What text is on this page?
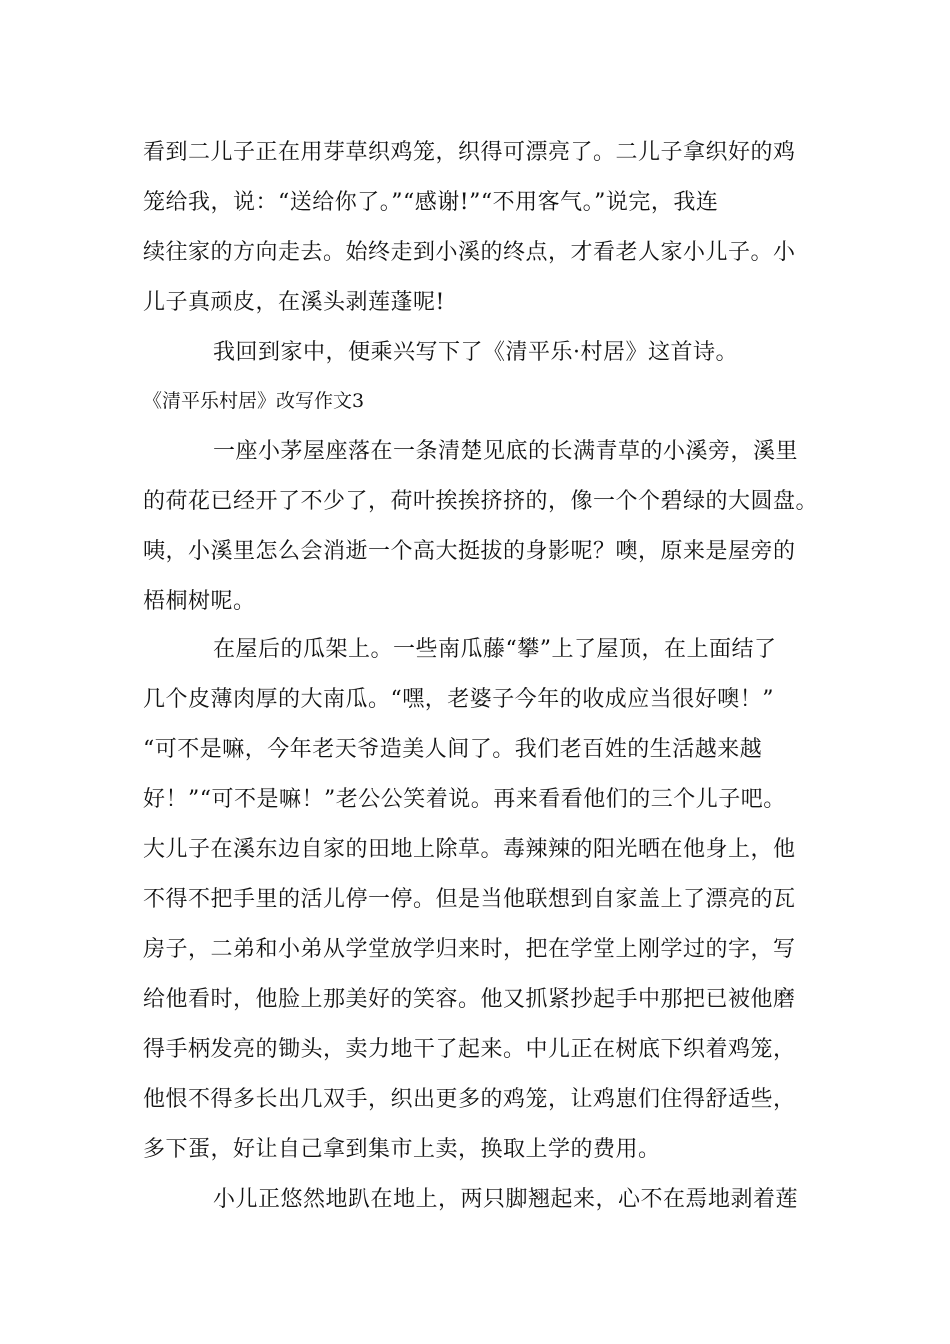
看到二儿子正在用芽草织鸡笼，织得可漂亮了。二儿子拿织好的鸡
笼给我，说：“送给你了。”“感谢!”“不用客气。”说完，我连
续往家的方向走去。始终走到小溪的终点，才看老人家小儿子。小
儿子真顽皮，在溪头剥莲蓬呢!
我回到家中，便乘兴写下了《清平乐·村居》这首诗。
《清平乐村居》改写作文3
一座小茅屋座落在一条清楚见底的长满青草的小溪旁，溪里
的荷花已经开了不少了，荷叶挨挨挤挤的，像一个个碧绿的大圆盘。
咦，小溪里怎么会消逝一个高大挺拔的身影呢？噢，原来是屋旁的
梧桐树呢。
在屋后的瓜架上。一些南瓜藤“攀”上了屋顶，在上面结了
几个皮薄肉厚的大南瓜。“嘿，老婆子今年的收成应当很好噢！”
“可不是嘛，今年老天爷造美人间了。我们老百姓的生活越来越
好！”“可不是嘛！”老公公笑着说。再来看看他们的三个儿子吧。
大儿子在溪东边自家的田地上除草。毒辣辣的阳光晒在他身上，他
不得不把手里的活儿停一停。但是当他联想到自家盖上了漂亮的瓦
房子，二弟和小弟从学堂放学归来时，把在学堂上刚学过的字，写
给他看时，他脸上那美好的笑容。他又抓紧抄起手中那把已被他磨
得手柄发亮的锄头，卖力地干了起来。中儿正在树底下织着鸡笼，
他恨不得多长出几双手，织出更多的鸡笼，让鸡崽们住得舒适些，
多下蛋，好让自己拿到集市上卖，换取上学的费用。
小儿正悠然地趴在地上，两只脚翘起来，心不在焉地剥着莲
